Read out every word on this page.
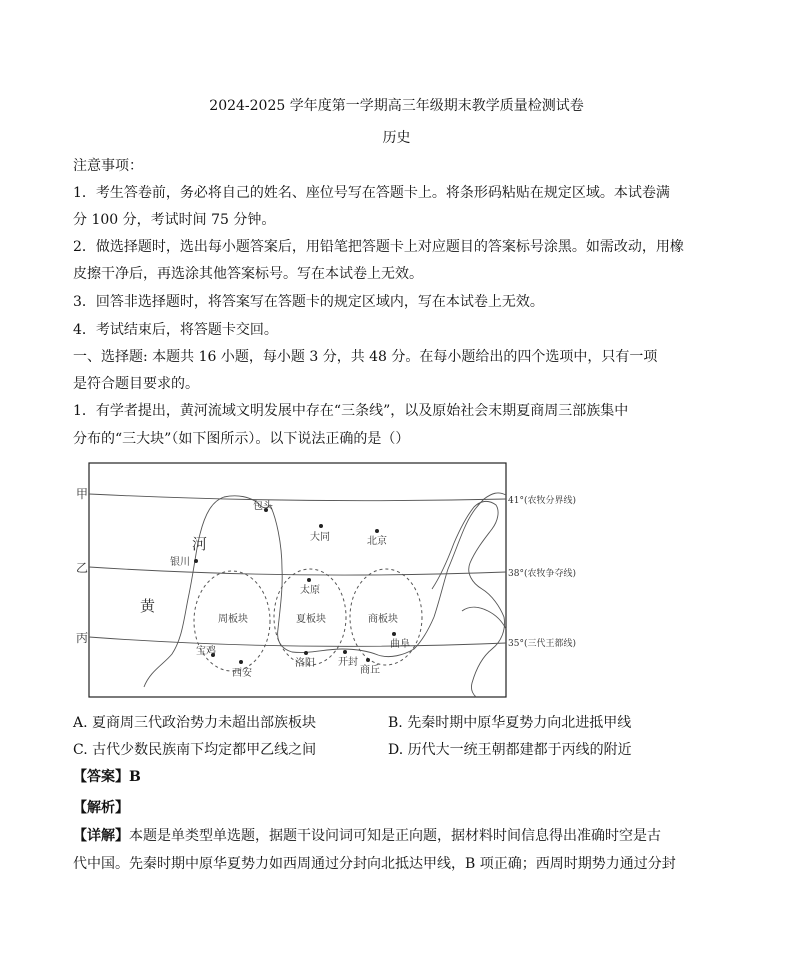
2024-2025 学年度第一学期高三年级期末教学质量检测试卷
历史
注意事项：
1．考生答卷前，务必将自己的姓名、座位号写在答题卡上。将条形码粘贴在规定区域。本试卷满
分 100 分，考试时间 75 分钟。
2．做选择题时，选出每小题答案后，用铅笔把答题卡上对应题目的答案标号涂黑。如需改动，用橡
皮擦干净后，再选涂其他答案标号。写在本试卷上无效。
3．回答非选择题时，将答案写在答题卡的规定区域内，写在本试卷上无效。
4．考试结束后，将答题卡交回。
一、选择题: 本题共 16 小题，每小题 3 分，共 48 分。在每小题给出的四个选项中，只有一项
是符合题目要求的。
1．有学者提出，黄河流域文明发展中存在“三条线”，以及原始社会末期夏商周三部族集中
分布的“三大块”（如下图所示）。以下说法正确的是（）
甲
乙
丙
41°(农牧分界线)
38°(农牧争夺线)
35°(三代王都线)
河
黄
周板块	夏板块	商板块
包头
大同	北京
银川
太原
宝鸡
西安
洛阳 开封
商丘
曲阜
A. 夏商周三代政治势力未超出部族板块	B. 先秦时期中原华夏势力向北进抵甲线
C. 古代少数民族南下均定都甲乙线之间	D. 历代大一统王朝都建都于丙线的附近
【答案】B
【解析】
【详解】本题是单类型单选题，据题干设问词可知是正向题，据材料时间信息得出准确时空是古
代中国。先秦时期中原华夏势力如西周通过分封向北抵达甲线，B 项正确；西周时期势力通过分封
